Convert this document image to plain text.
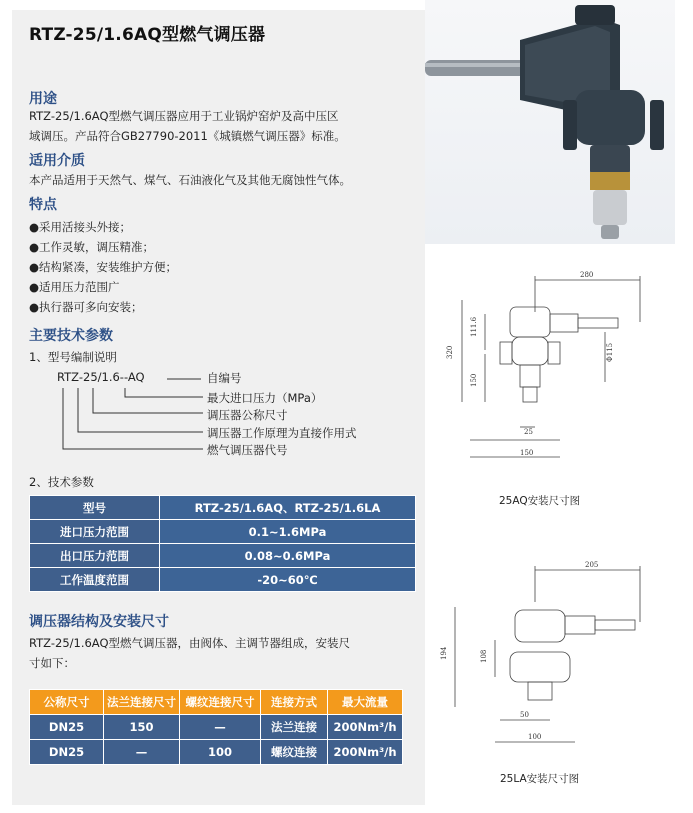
RTZ-25/1.6AQ型燃气调压器
用途
RTZ-25/1.6AQ型燃气调压器应用于工业锅炉窑炉及高中压区
域调压。产品符合GB27790-2011《城镇燃气调压器》标准。
适用介质
本产品适用于天然气、煤气、石油液化气及其他无腐蚀性气体。
特点
●采用活接头外接；
●工作灵敏，调压精准；
●结构紧凑，安装维护方便；
●适用压力范围广
●执行器可多向安装；
主要技术参数
1、型号编制说明
RTZ-25/1.6--AQ	自编号
最大进口压力（MPa）
调压器公称尺寸
调压器工作原理为直接作用式
燃气调压器代号
2、技术参数
型号	RTZ-25/1.6AQ、RTZ-25/1.6LA
进口压力范围	0.1~1.6MPa
出口压力范围	0.08~0.6MPa
工作温度范围	-20~60℃
调压器结构及安装尺寸
RTZ-25/1.6AQ型燃气调压器，由阀体、主调节器组成，安装尺
寸如下：
公称尺寸	法兰连接尺寸	螺纹连接尺寸	连接方式	最大流量
DN25	150	—	法兰连接	200Nm³/h
DN25	—	100	螺纹连接	200Nm³/h
280
320
111.6
150
Φ115
25
150
25AQ安装尺寸图
205
194	108
50
100
25LA安装尺寸图
